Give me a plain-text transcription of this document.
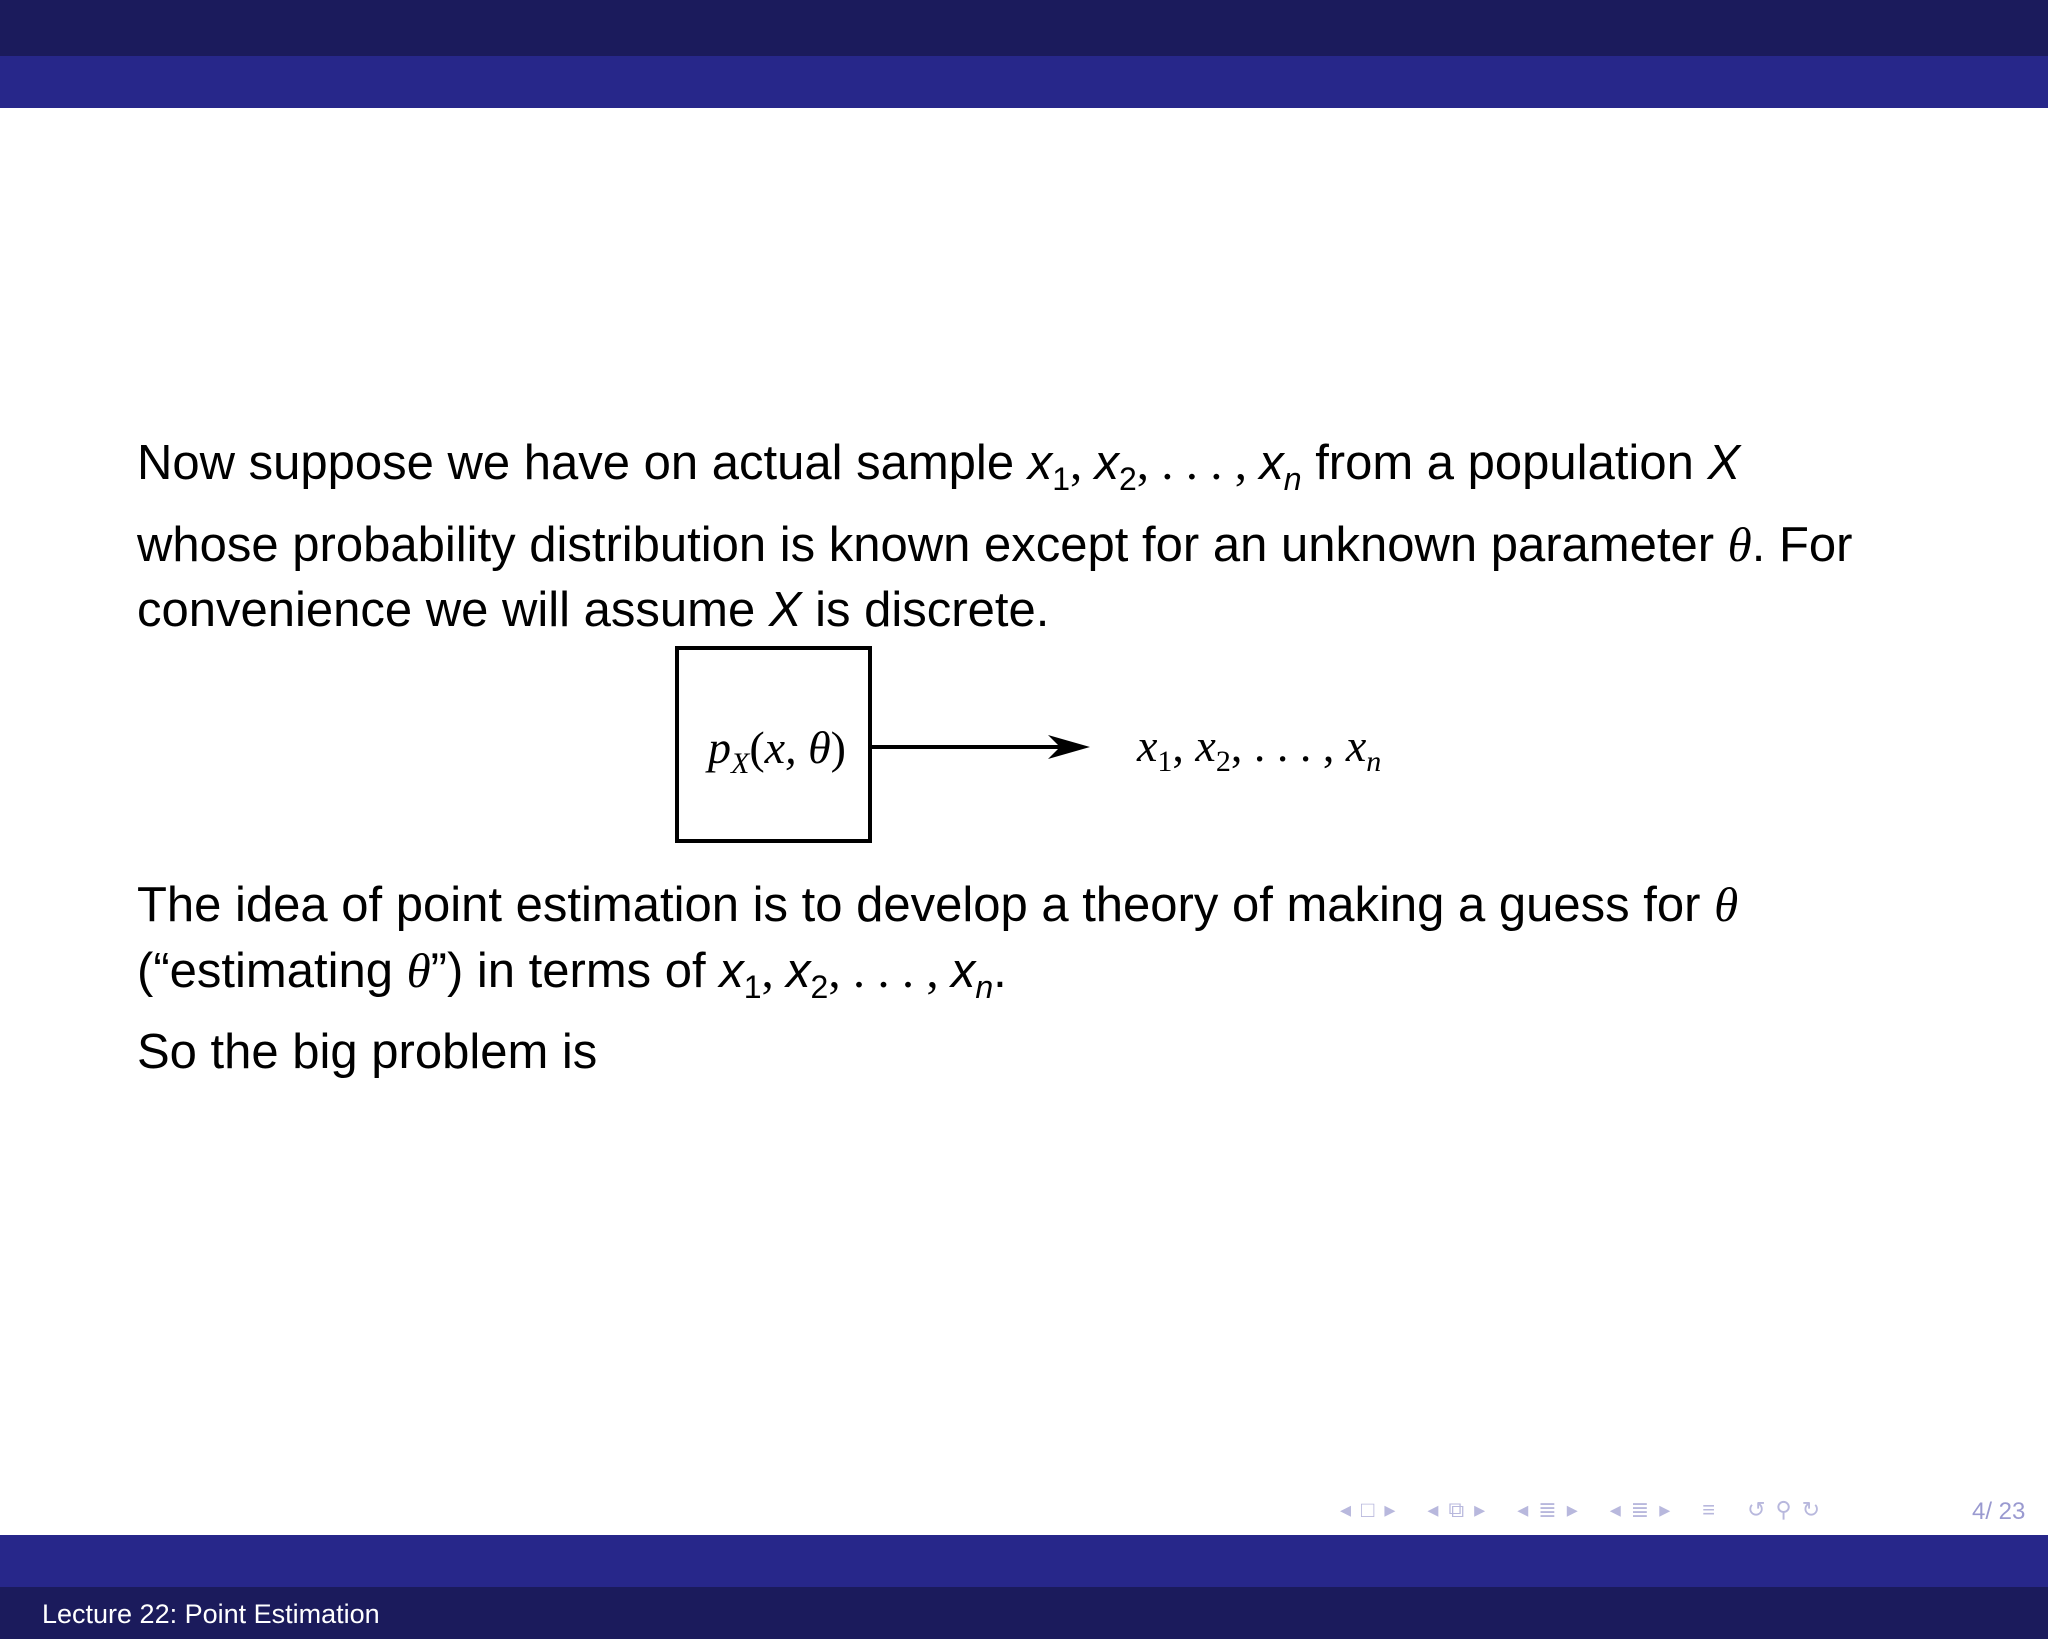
Now suppose we have on actual sample $x_1$, $x_2$, . . . , $x_n$ from a population X
whose probability distribution is known except for an unknown parameter θ. For
convenience we will assume X is discrete.

$p_X(x$, θ)	$x_1$, $x_2$, . . . , $x_n$

The idea of point estimation is to develop a theory of making a guess for θ
(“estimating θ”) in terms of $x_1$, $x_2$, . . . , $x_n$.
So the big problem is

◂ □ ▸ ◂ ⧉ ▸ ◂ ≣ ▸ ◂ ≣ ▸ ≡ ↺ ⚲ ↻	4/ 23
Lecture 22: Point Estimation
